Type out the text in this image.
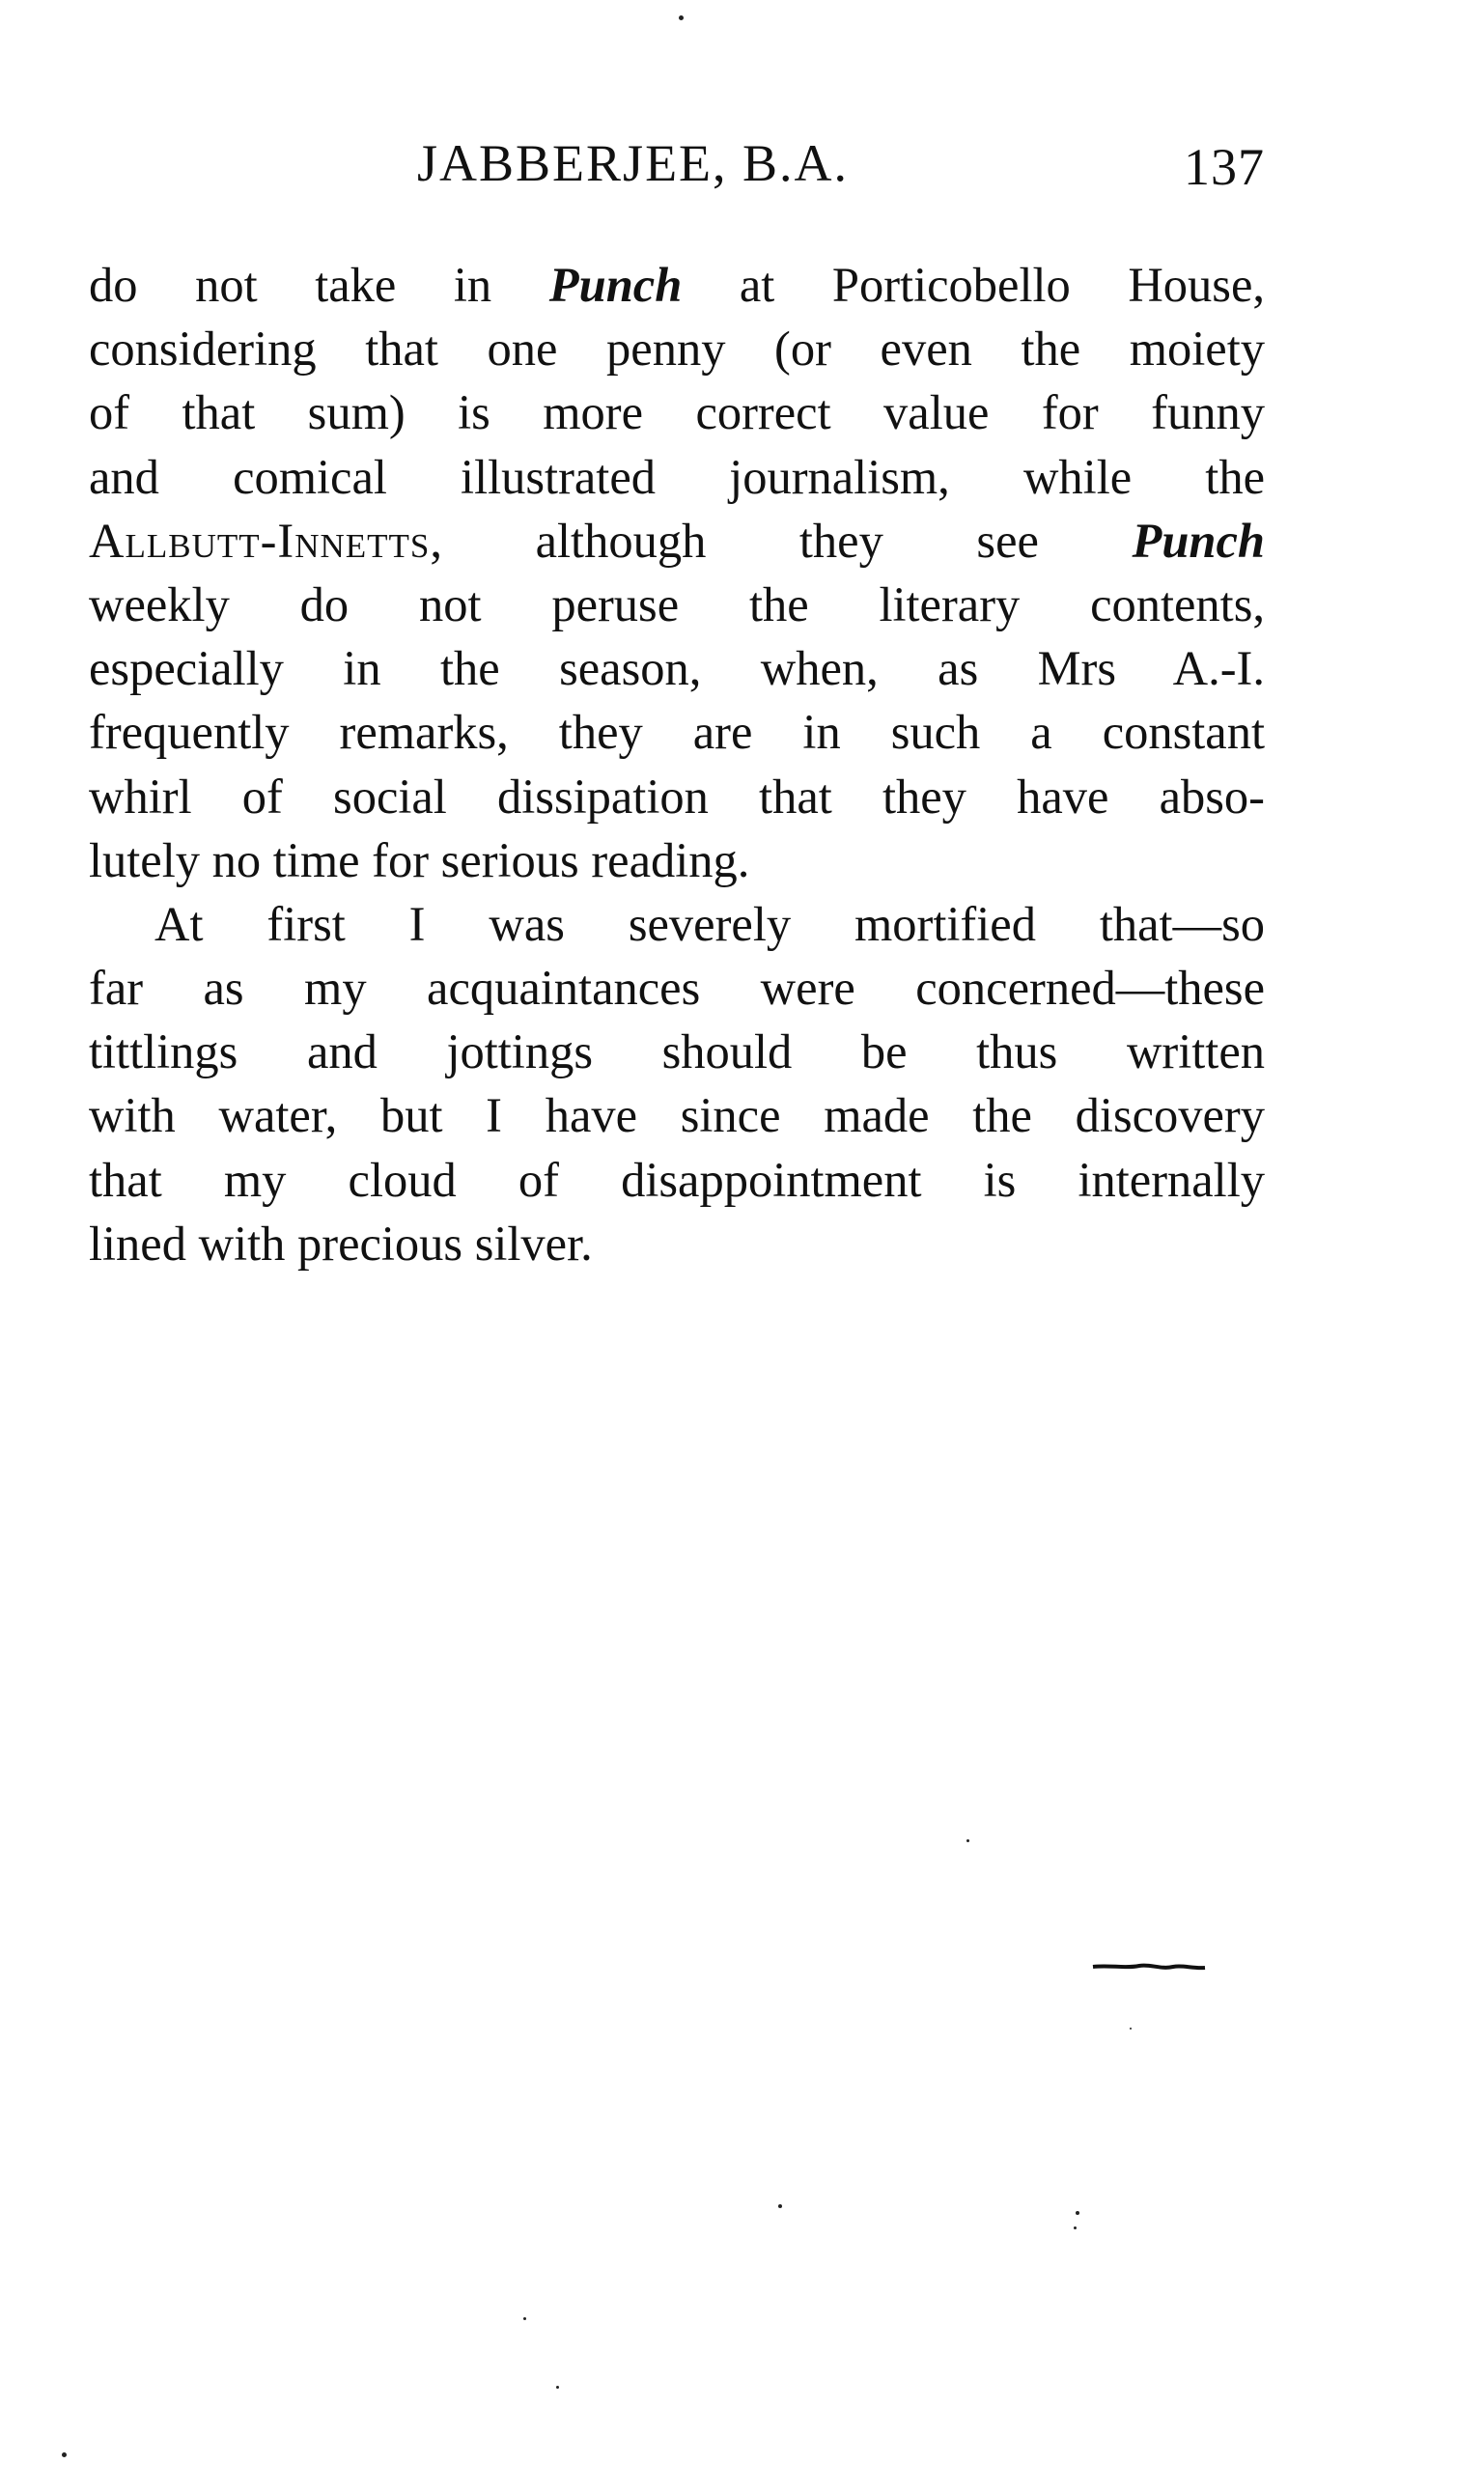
JABBERJEE, B.A.	137
do not take in Punch at Porticobello House,
considering that one penny (or even the moiety
of that sum) is more correct value for funny
and comical illustrated journalism, while the
Allbutt-Innetts, although they see Punch
weekly do not peruse the literary contents,
especially in the season, when, as Mrs A.-I.
frequently remarks, they are in such a constant
whirl of social dissipation that they have abso-
lutely no time for serious reading.
At first I was severely mortified that—so
far as my acquaintances were concerned—these
tittlings and jottings should be thus written
with water, but I have since made the discovery
that my cloud of disappointment is internally
lined with precious silver.
